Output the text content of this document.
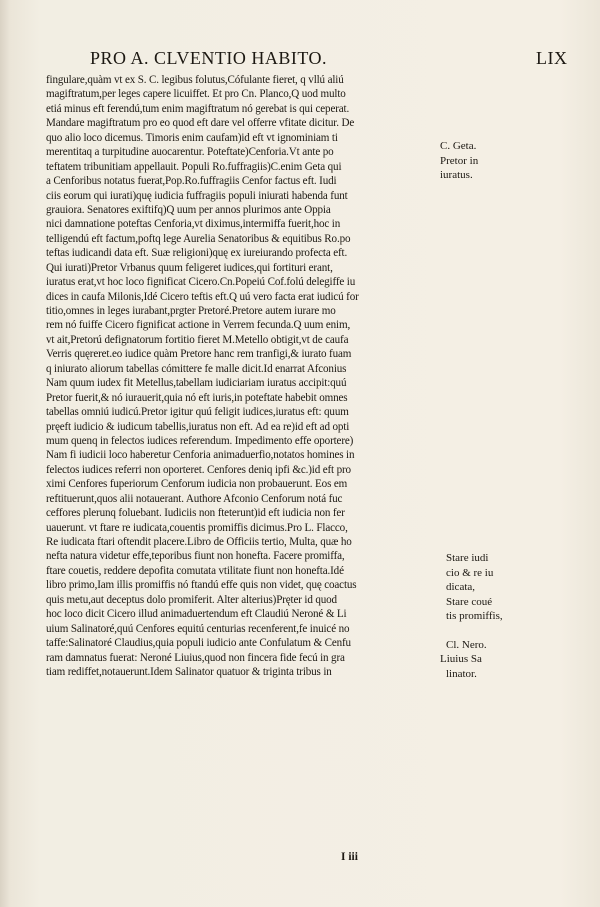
PRO A. CLVENTIO HABITO.	LIX
fingulare,quàm vt ex S. C. legibus folutus,Cófulante fieret, q vllú aliú
magiftratum,per leges capere licuiffet. Et pro Cn. Planco,Q uod multo
etiá minus eft ferendú,tum enim magiftratum nó gerebat is qui ceperat.
Mandare magiftratum pro eo quod eft dare vel offerre vfitate dicitur. De
quo alio loco dicemus. Timoris enim caufam)id eft vt ignominiam ti
merentitaq a turpitudine auocarentur. Poteftate)Cenforia.Vt ante po
teftatem tribunitiam appellauit. Populi Ro.fuffragiis)C.enim Geta qui
a Cenforibus notatus fuerat,Pop.Ro.fuffragiis Cenfor factus eft. Iudi
ciis eorum qui iurati)quę iudicia fuffragiis populi iniurati habenda funt
grauiora. Senatores exiftifq)Q uum per annos plurimos ante Oppia
nici damnatione poteftas Cenforia,vt diximus,intermiffa fuerit,hoc in
telligendú eft factum,poftq lege Aurelia Senatoribus & equitibus Ro.po
teftas iudicandi data eft. Suæ religioni)quę ex iureiurando profecta eft.
Qui iurati)Pretor Vrbanus quum feligeret iudices,qui fortituri erant,
iuratus erat,vt hoc loco fignificat Cicero.Cn.Popeiú Cof.folú delegiffe iu
dices in caufa Milonis,Idé Cicero teftis eft.Q uú vero facta erat iudicú for
titio,omnes in leges iurabant,prgter Pretoré.Pretore autem iurare mo
rem nó fuiffe Cicero fignificat actione in Verrem fecunda.Q uum enim,
vt ait,Pretorú defignatorum fortitio fieret M.Metello obtigit,vt de caufa
Verris quęreret.eo iudice quàm Pretore hanc rem tranfigi,& iurato fuam
q iniurato aliorum tabellas cómittere fe malle dicit.Id enarrat Afconius
Nam quum iudex fit Metellus,tabellam iudiciariam iuratus accipit:quú
Pretor fuerit,& nó iurauerit,quia nó eft iuris,in poteftate habebit omnes
tabellas omniú iudicú.Pretor igitur quú feligit iudices,iuratus eft: quum
pręeft iudicio & iudicum tabellis,iuratus non eft. Ad ea re)id eft ad opti
mum quenq in felectos iudices referendum. Impedimento effe oportere)
Nam fi iudicii loco haberetur Cenforia animaduerfio,notatos homines in
felectos iudices referri non oporteret. Cenfores deniq ipfi &c.)id eft pro
ximi Cenfores fuperiorum Cenforum iudicia non probauerunt. Eos em
reftituerunt,quos alii notauerant. Authore Afconio Cenforum notá fuc
ceffores plerunq foluebant. Iudiciis non fteterunt)id eft iudicia non fer
uauerunt. vt ftare re iudicata,couentis promiffis dicimus.Pro L. Flacco,
Re iudicata ftari oftendit placere.Libro de Officiis tertio, Multa, quæ ho
nefta natura videtur effe,teporibus fiunt non honefta. Facere promiffa,
ftare couetis, reddere depofita comutata vtilitate fiunt non honefta.Idé
libro primo,Iam illis promiffis nó ftandú effe quis non videt, quę coactus
quis metu,aut deceptus dolo promiferit. Alter alterius)Pręter id quod
hoc loco dicit Cicero illud animaduertendum eft Claudiú Neroné & Li
uium Salinatoré,quú Cenfores equitú centurias recenferent,fe inuicé no
taffe:Salinatoré Claudius,quia populi iudicio ante Confulatum & Cenfu
ram damnatus fuerat: Neroné Liuius,quod non fincera fide fecú in gra
tiam rediffet,notauerunt.Idem Salinator quatuor & triginta tribus in
C. Geta.
Pretor in
iuratus.
Stare iudi
cio & re iu
dicata,
Stare coué
tis promiffis,
Cl. Nero.
Liuius Sa
linator.
I iii
